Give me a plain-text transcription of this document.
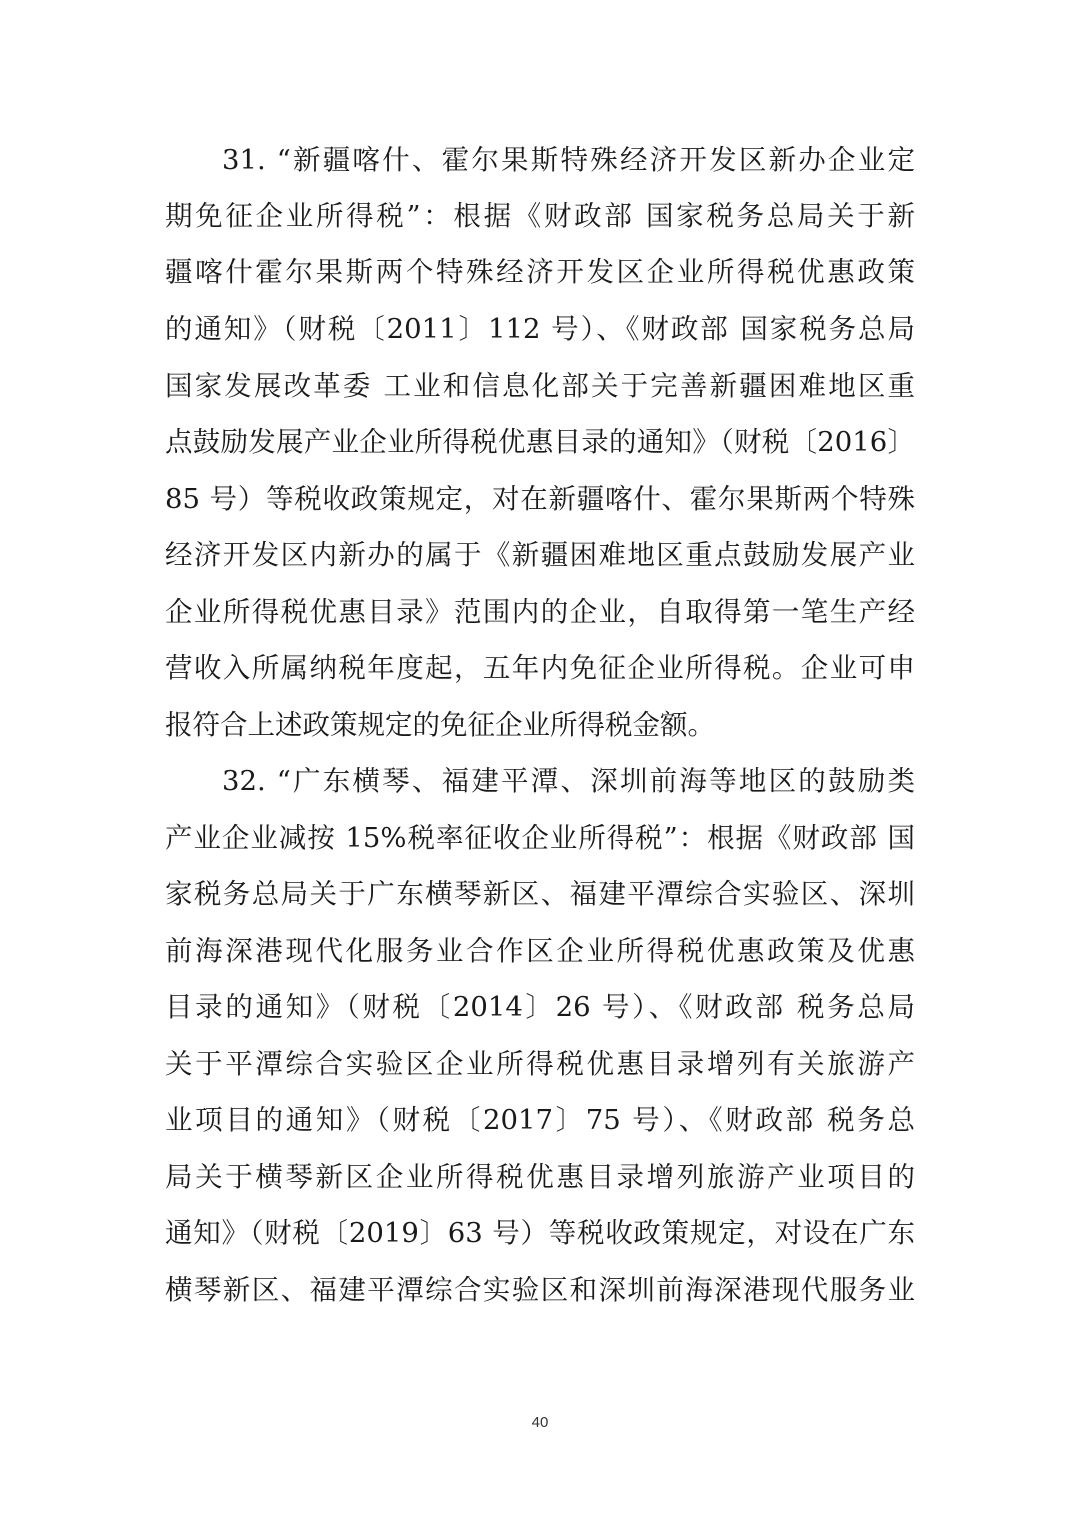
31. “新疆喀什、霍尔果斯特殊经济开发区新办企业定
期免征企业所得税”：根据《财政部 国家税务总局关于新
疆喀什霍尔果斯两个特殊经济开发区企业所得税优惠政策
的通知》（财税〔2011〕112 号）、《财政部 国家税务总局
国家发展改革委 工业和信息化部关于完善新疆困难地区重
点鼓励发展产业企业所得税优惠目录的通知》（财税〔2016〕
85 号）等税收政策规定，对在新疆喀什、霍尔果斯两个特殊
经济开发区内新办的属于《新疆困难地区重点鼓励发展产业
企业所得税优惠目录》范围内的企业，自取得第一笔生产经
营收入所属纳税年度起，五年内免征企业所得税。企业可申
报符合上述政策规定的免征企业所得税金额。
32. “广东横琴、福建平潭、深圳前海等地区的鼓励类
产业企业减按 15%税率征收企业所得税”：根据《财政部 国
家税务总局关于广东横琴新区、福建平潭综合实验区、深圳
前海深港现代化服务业合作区企业所得税优惠政策及优惠
目录的通知》（财税〔2014〕26 号）、《财政部 税务总局
关于平潭综合实验区企业所得税优惠目录增列有关旅游产
业项目的通知》（财税〔2017〕75 号）、《财政部 税务总
局关于横琴新区企业所得税优惠目录增列旅游产业项目的
通知》（财税〔2019〕63 号）等税收政策规定，对设在广东
横琴新区、福建平潭综合实验区和深圳前海深港现代服务业
40
